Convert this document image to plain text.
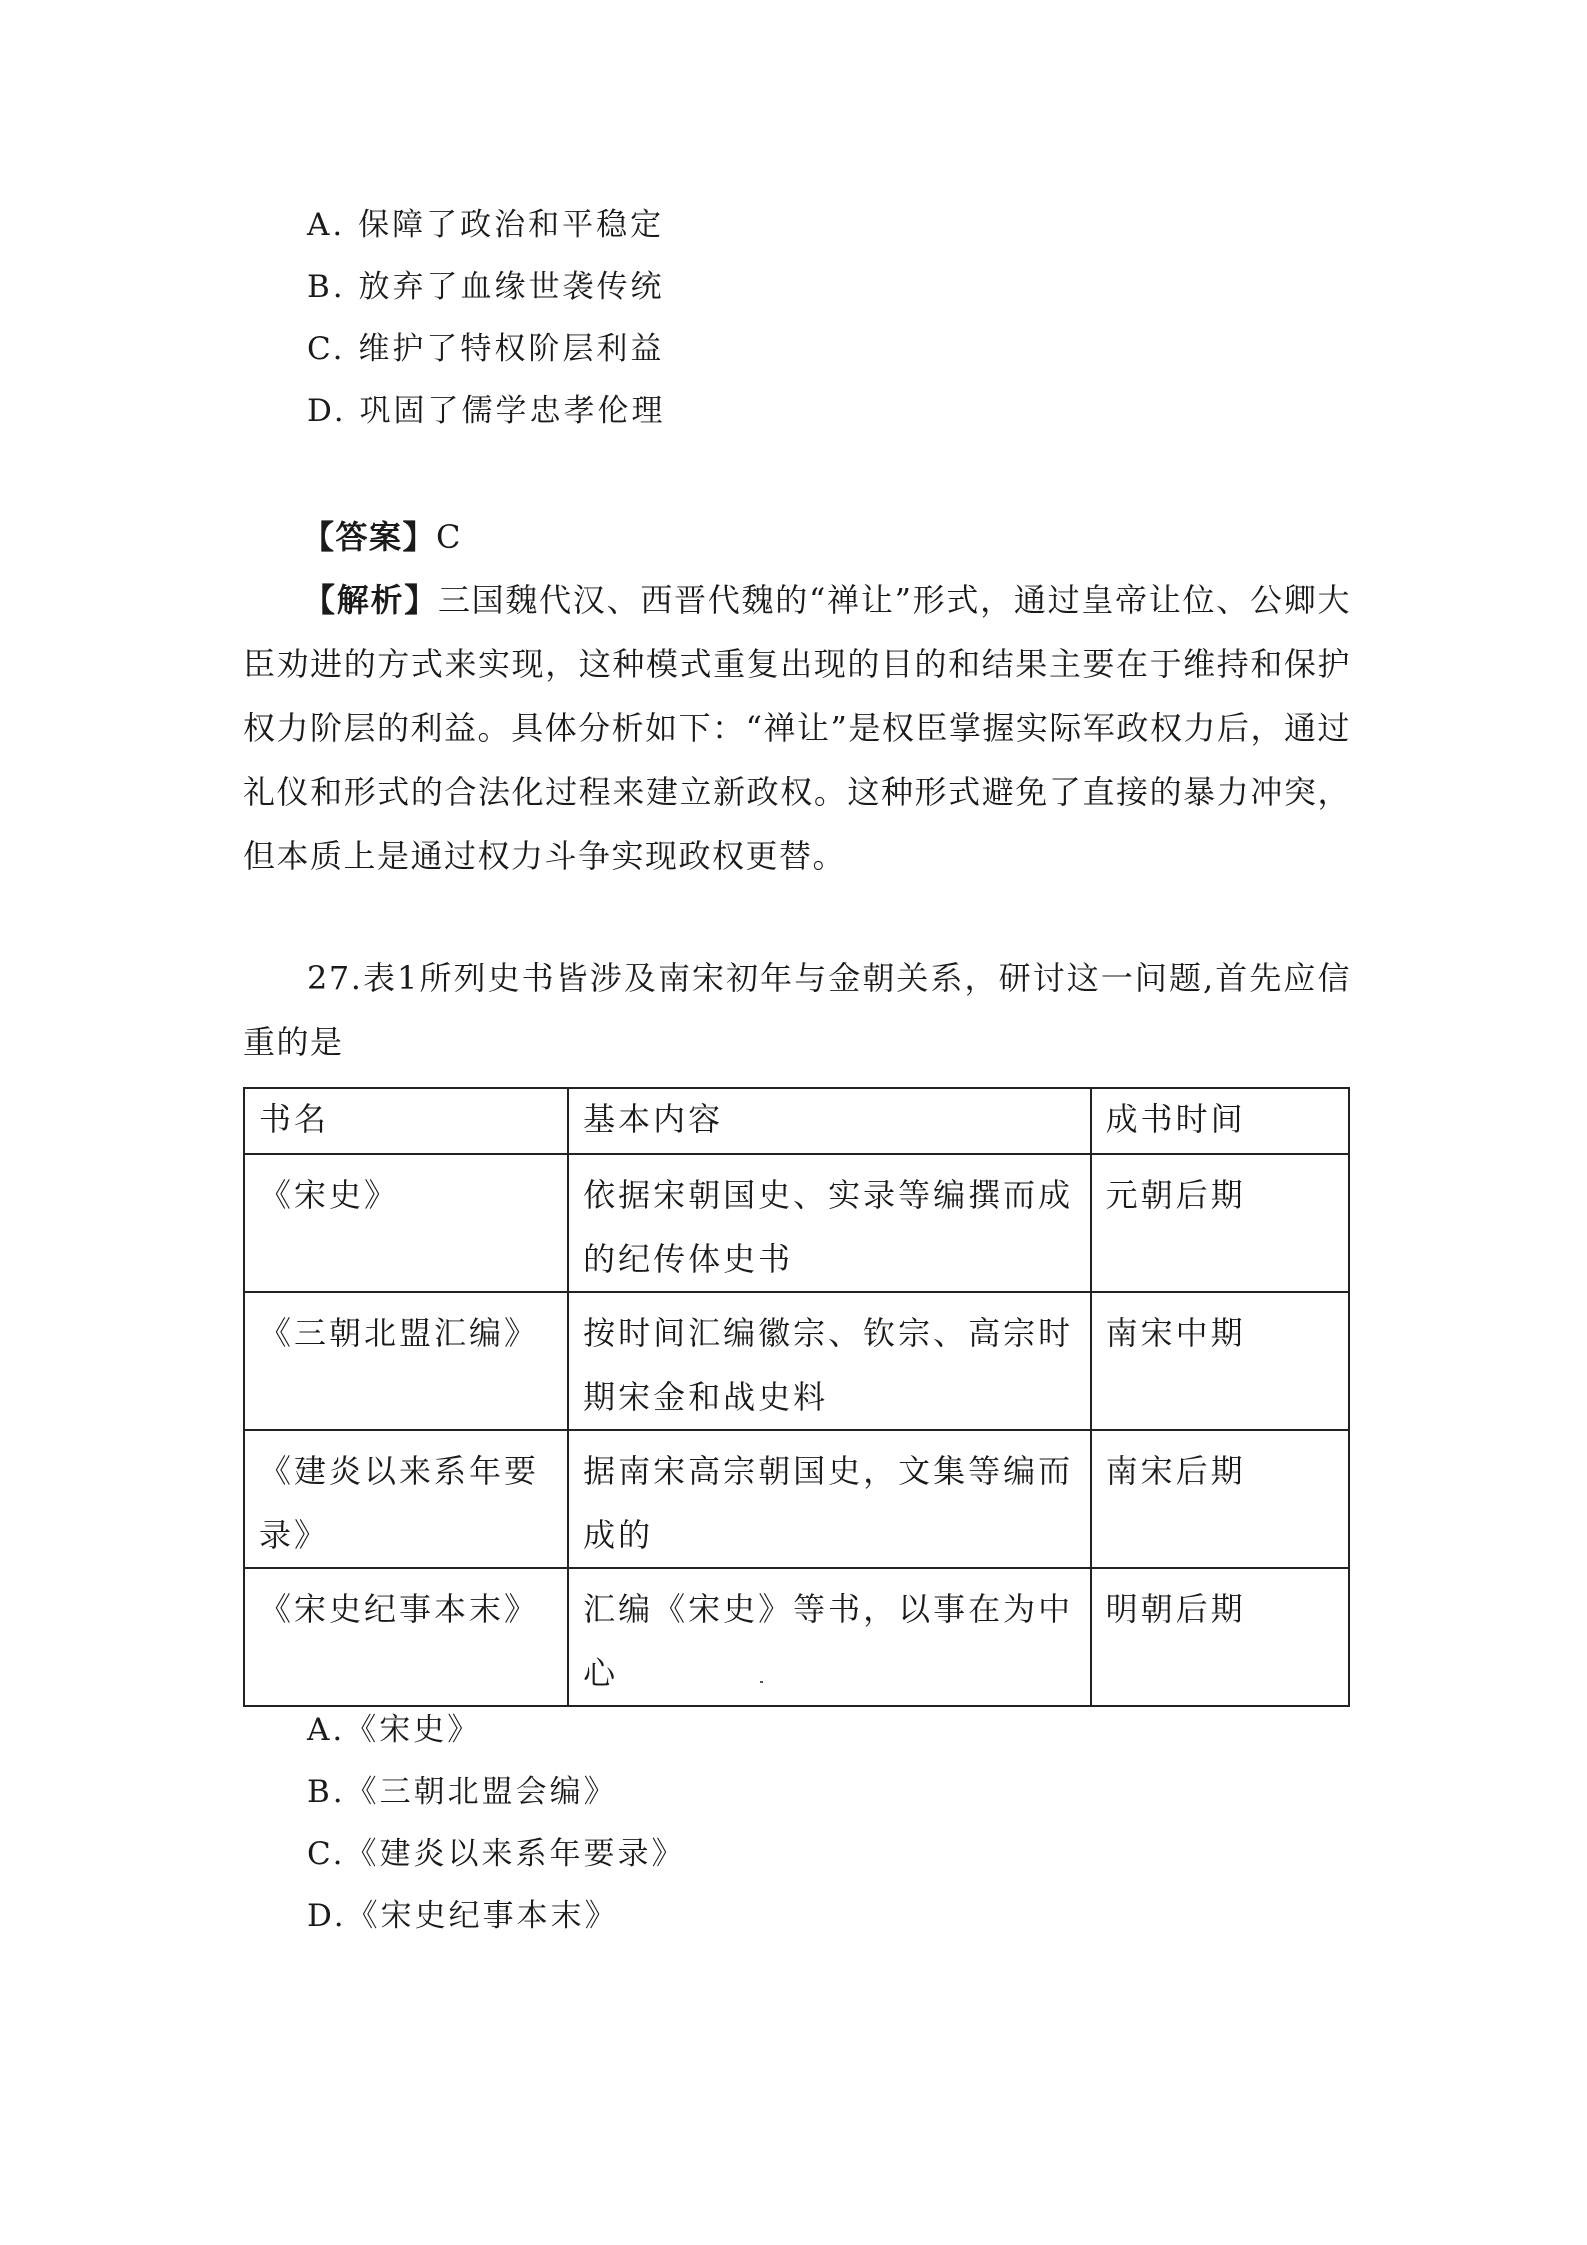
A. 保障了政治和平稳定
B. 放弃了血缘世袭传统
C. 维护了特权阶层利益
D. 巩固了儒学忠孝伦理
【答案】C

【解析】三国魏代汉、西晋代魏的“禅让”形式，通过皇帝让位、公卿大臣劝进的方式来实现，这种模式重复出现的目的和结果主要在于维持和保护权力阶层的利益。具体分析如下：“禅让”是权臣掌握实际军政权力后，通过礼仪和形式的合法化过程来建立新政权。这种形式避免了直接的暴力冲突，但本质上是通过权力斗争实现政权更替。

27.表1所列史书皆涉及南宋初年与金朝关系，研讨这一问题,首先应信重的是

书名	基本内容	成书时间
《宋史》	依据宋朝国史、实录等编撰而成的纪传体史书	元朝后期
《三朝北盟汇编》	按时间汇编徽宗、钦宗、高宗时期宋金和战史料	南宋中期
《建炎以来系年要录》	据南宋高宗朝国史，文集等编而成的	南宋后期
《宋史纪事本末》	汇编《宋史》等书，以事在为中心	明朝后期
A.《宋史》
B.《三朝北盟会编》
C.《建炎以来系年要录》
D.《宋史纪事本末》
